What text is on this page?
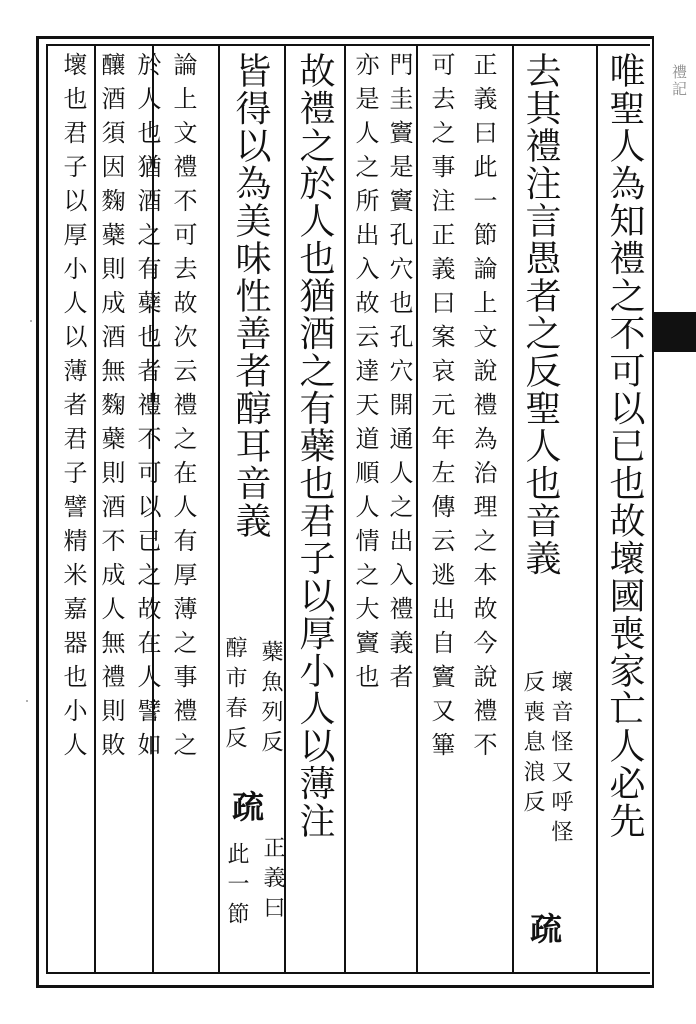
禮記
唯聖人為知禮之不可以已也故壞國喪家亡人必先
去其禮注言愚者之反聖人也音義
正義曰此一節論上文說禮為治理之本故今說禮不
可去之事注正義曰案哀元年左傳云逃出自竇又篳
門圭竇是竇孔穴也孔穴開通人之出入禮義者
亦是人之所出入故云達天道順人情之大竇也
故禮之於人也猶酒之有蘗也君子以厚小人以薄注
皆得以為美味性善者醇耳音義
論上文禮不可去故次云禮之在人有厚薄之事禮之
於人也猶酒之有蘗也者禮不可以已之故在人譬如
釀酒須因麴蘗則成酒無麴蘗則酒不成人無禮則敗
壞也君子以厚小人以薄者君子譬精米嘉器也小人	壞音怪又呼怪
反喪息浪反
疏
蘗魚列反
醇市春反
疏
正義曰
此一節
